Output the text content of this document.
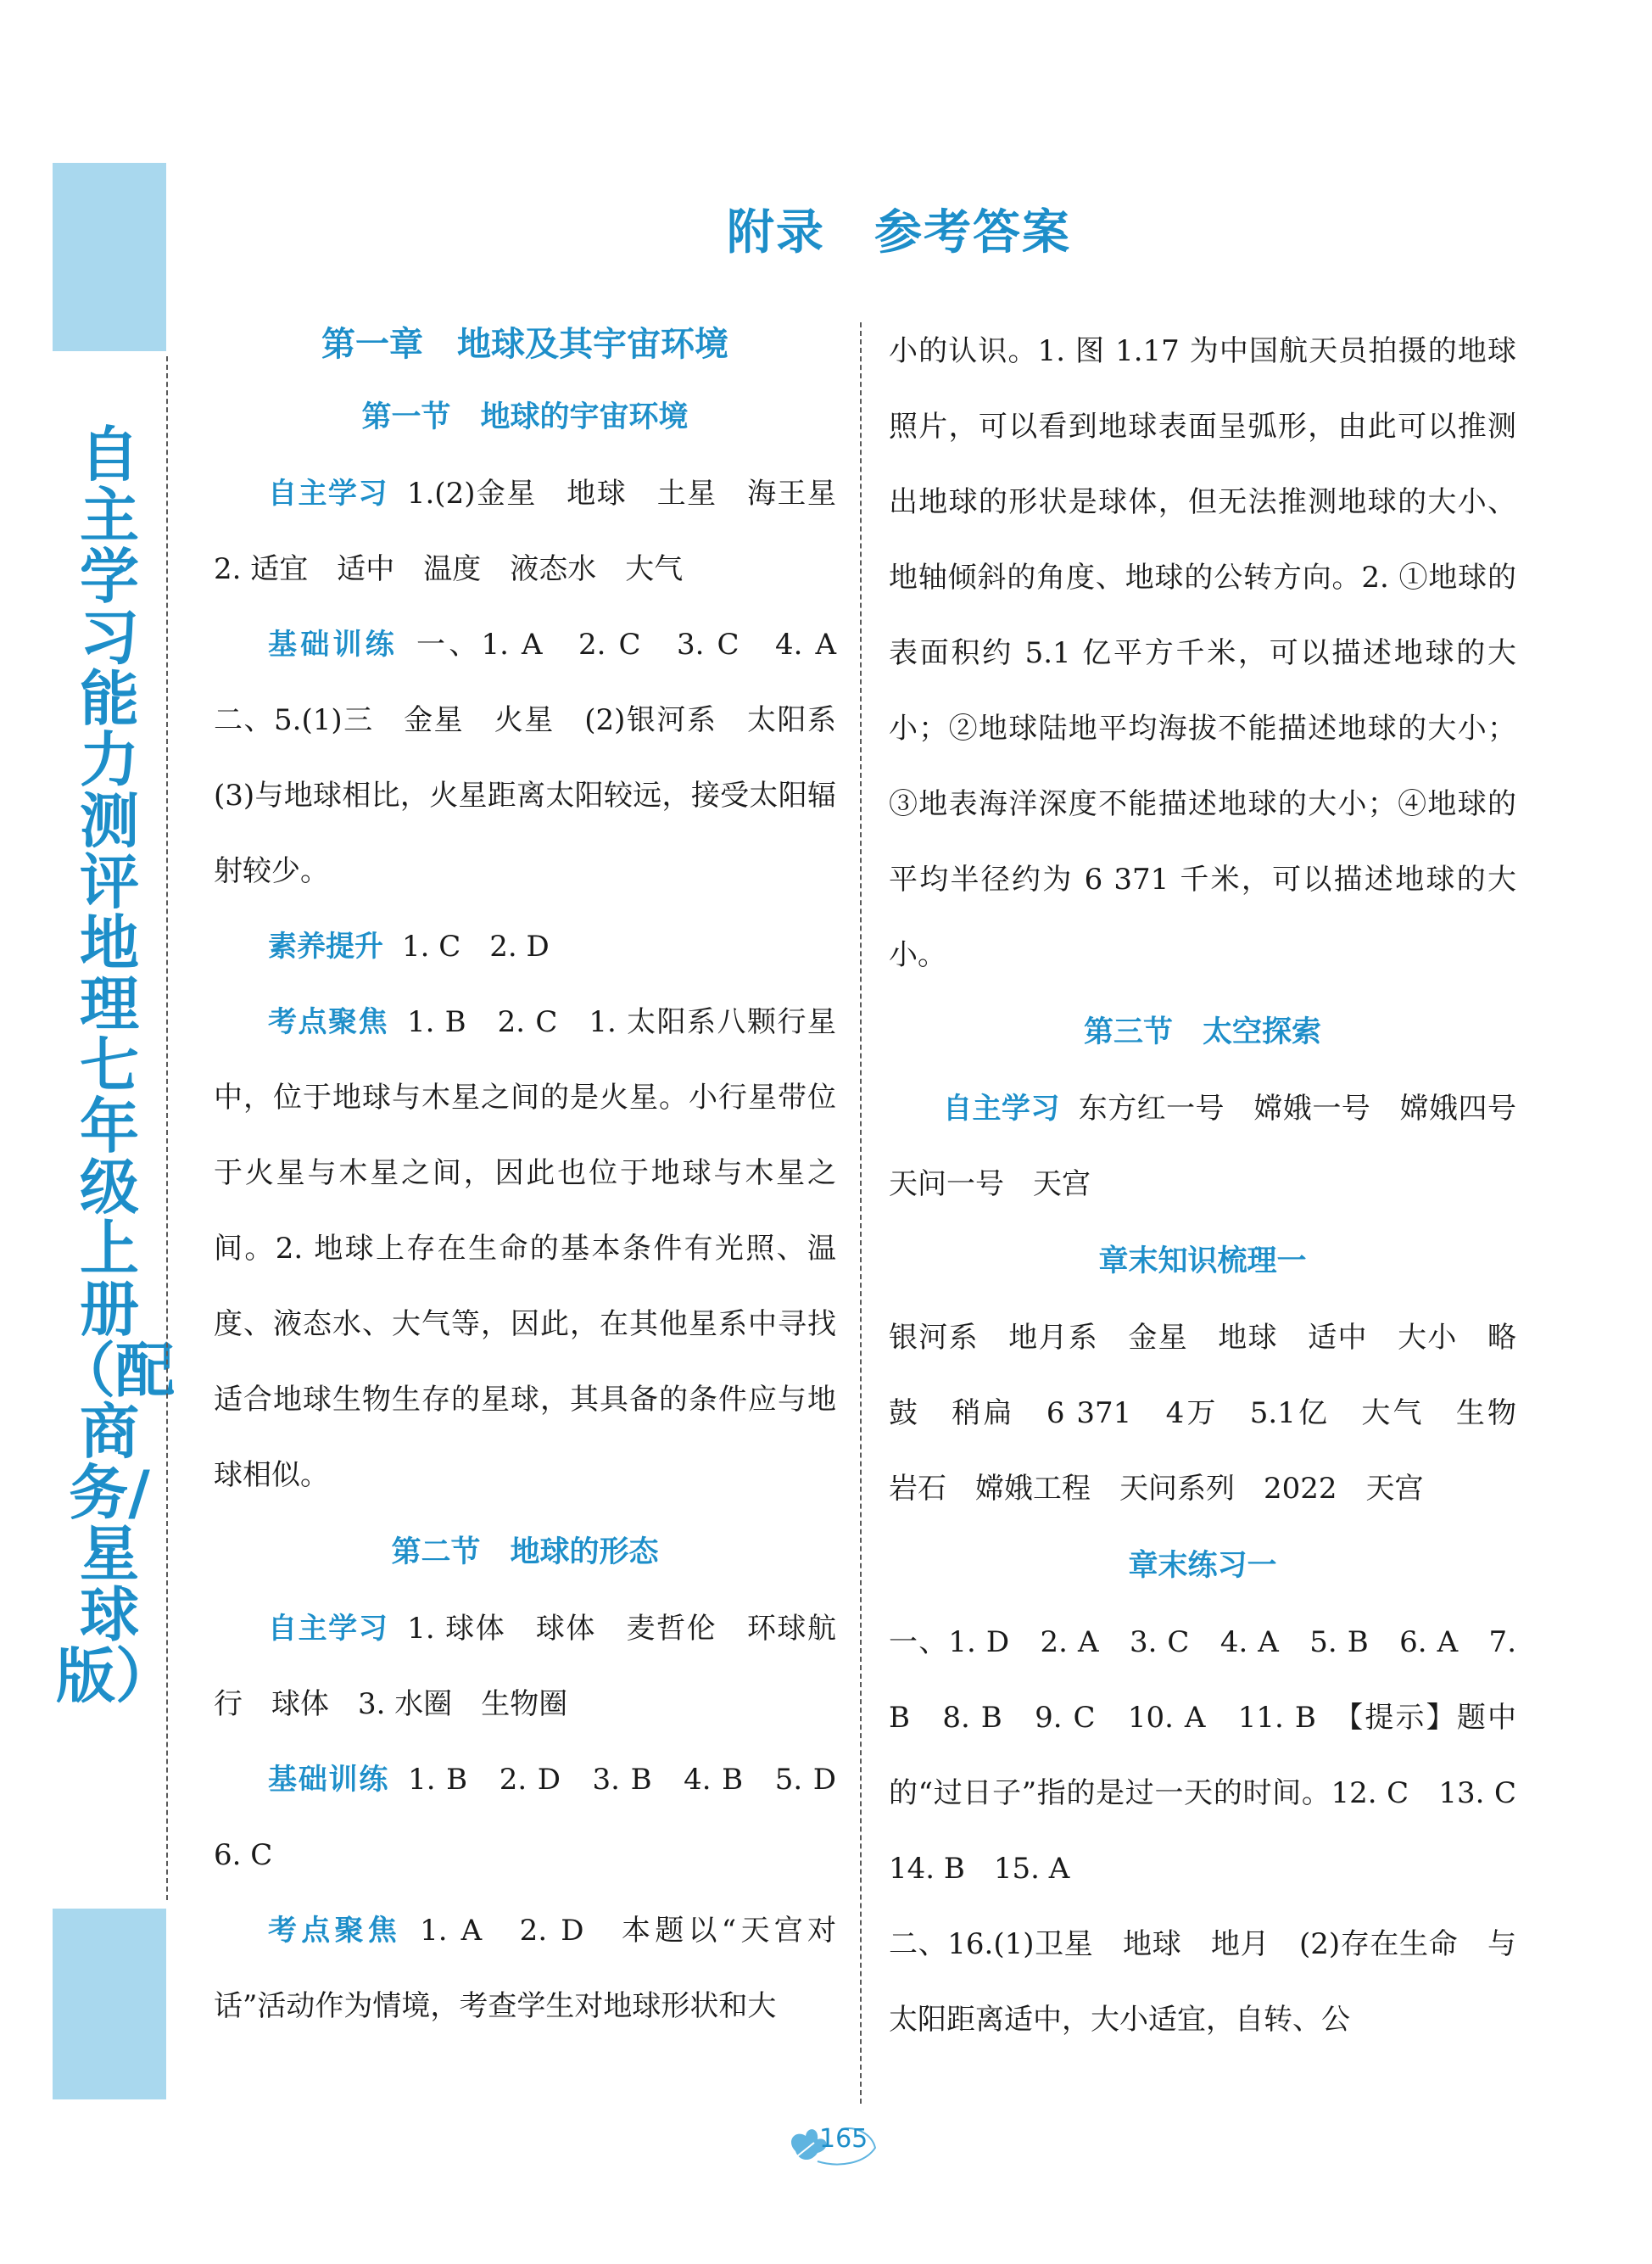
自主学习能力测评 地理 七年级上册（配商务/星球版）
附录　参考答案
第一章　地球及其宇宙环境
第一节　地球的宇宙环境

自主学习 1.(2)金星　地球　土星　海王星　2. 适宜　适中　温度　液态水　大气

基础训练 一、1. A　2. C　3. C　4. A　二、5.(1)三　金星　火星　(2)银河系　太阳系　(3)与地球相比，火星距离太阳较远，接受太阳辐射较少。

素养提升 1. C　2. D

考点聚焦 1. B　2. C　1. 太阳系八颗行星中，位于地球与木星之间的是火星。小行星带位于火星与木星之间，因此也位于地球与木星之间。2. 地球上存在生命的基本条件有光照、温度、液态水、大气等，因此，在其他星系中寻找适合地球生物生存的星球，其具备的条件应与地球相似。

第二节　地球的形态

自主学习 1. 球体　球体　麦哲伦　环球航行　球体　3. 水圈　生物圈

基础训练 1. B　2. D　3. B　4. B　5. D　6. C

考点聚焦 1. A　2. D　本题以“天宫对话”活动作为情境，考查学生对地球形状和大

小的认识。1. 图 1.17 为中国航天员拍摄的地球照片，可以看到地球表面呈弧形，由此可以推测出地球的形状是球体，但无法推测地球的大小、地轴倾斜的角度、地球的公转方向。2. ①地球的表面积约 5.1 亿平方千米，可以描述地球的大小；②地球陆地平均海拔不能描述地球的大小；③地表海洋深度不能描述地球的大小；④地球的平均半径约为 6 371 千米，可以描述地球的大小。

第三节　太空探索

自主学习 东方红一号　嫦娥一号　嫦娥四号　天问一号　天宫

章末知识梳理一

银河系　地月系　金星　地球　适中　大小　略鼓　稍扁　6 371　4万　5.1亿　大气　生物　岩石　嫦娥工程　天问系列　2022　天宫

章末练习一

一、1. D　2. A　3. C　4. A　5. B　6. A　7. B　8. B　9. C　10. A　11. B　【提示】题中的“过日子”指的是过一天的时间。12. C　13. C　14. B　15. A

二、16.(1)卫星　地球　地月　(2)存在生命　与太阳距离适中，大小适宜，自转、公

165
